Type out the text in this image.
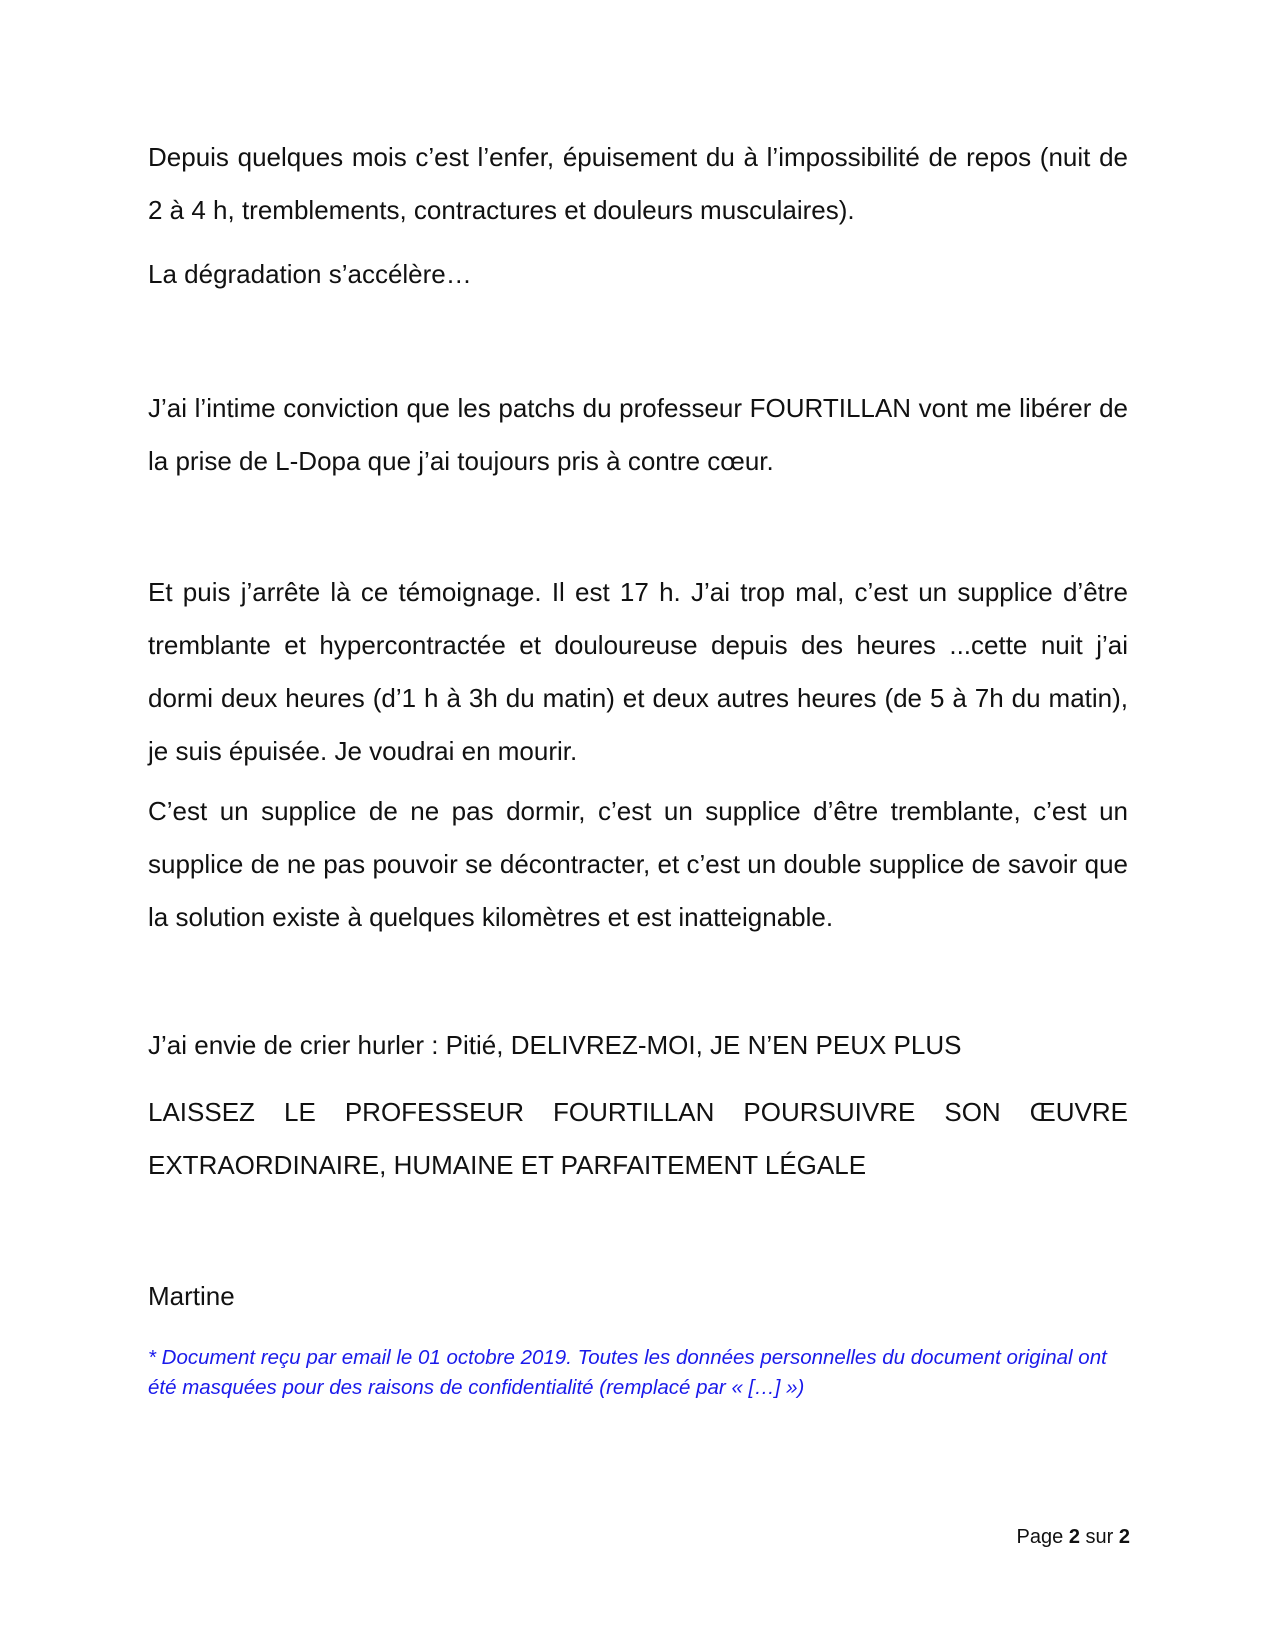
Depuis quelques mois c’est l’enfer, épuisement du à l’impossibilité de repos (nuit de 2 à 4 h, tremblements, contractures et douleurs musculaires).

La dégradation s’accélère…

J’ai l’intime conviction que les patchs du professeur FOURTILLAN vont me libérer de la prise de L-Dopa que j’ai toujours pris à contre cœur.

Et puis j’arrête là ce témoignage. Il est 17 h. J’ai trop mal, c’est un supplice d’être tremblante et hypercontractée et douloureuse depuis des heures ...cette nuit j’ai dormi deux heures (d’1 h à 3h du matin) et deux autres heures (de 5 à 7h du matin), je suis épuisée. Je voudrai en mourir.

C’est un supplice de ne pas dormir, c’est un supplice d’être tremblante, c’est un supplice de ne pas pouvoir se décontracter, et c’est un double supplice de savoir que la solution existe à quelques kilomètres et est inatteignable.

J’ai envie de crier hurler : Pitié, DELIVREZ-MOI, JE N’EN PEUX PLUS

LAISSEZ LE PROFESSEUR FOURTILLAN POURSUIVRE SON ŒUVRE EXTRAORDINAIRE, HUMAINE ET PARFAITEMENT LÉGALE

Martine

* Document reçu par email le 01 octobre 2019. Toutes les données personnelles du document original ont été masquées pour des raisons de confidentialité (remplacé par « […] »)

Page 2 sur 2
